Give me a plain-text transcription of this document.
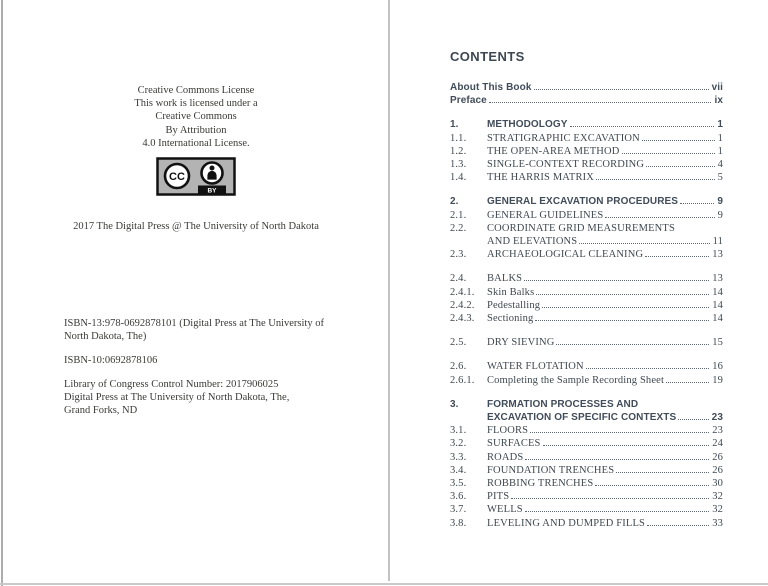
Creative Commons License
This work is licensed under a
Creative Commons
By Attribution
4.0 International License.
CC
BY
2017 The Digital Press @ The University of North Dakota
ISBN-13:978-0692878101 (Digital Press at The University of
North Dakota, The)
ISBN-10:0692878106
Library of Congress Control Number: 2017906025
Digital Press at The University of North Dakota, The,
Grand Forks, ND
CONTENTS
About This Book	vii
Preface	ix
1.	METHODOLOGY	1
1.1.	STRATIGRAPHIC EXCAVATION	1
1.2.	THE OPEN-AREA METHOD	1
1.3.	SINGLE-CONTEXT RECORDING	4
1.4.	THE HARRIS MATRIX	5
2.	GENERAL EXCAVATION PROCEDURES	9
2.1.	GENERAL GUIDELINES	9
2.2.	COORDINATE GRID MEASUREMENTS
AND ELEVATIONS	11
2.3.	ARCHAEOLOGICAL CLEANING	13
2.4.	BALKS	13
2.4.1.	Skin Balks	14
2.4.2.	Pedestalling	14
2.4.3.	Sectioning	14
2.5.	DRY SIEVING	15
2.6.	WATER FLOTATION	16
2.6.1.	Completing the Sample Recording Sheet	19
3.	FORMATION PROCESSES AND
EXCAVATION OF SPECIFIC CONTEXTS	23
3.1.	FLOORS	23
3.2.	SURFACES	24
3.3.	ROADS	26
3.4.	FOUNDATION TRENCHES	26
3.5.	ROBBING TRENCHES	30
3.6.	PITS	32
3.7.	WELLS	32
3.8.	LEVELING AND DUMPED FILLS	33
